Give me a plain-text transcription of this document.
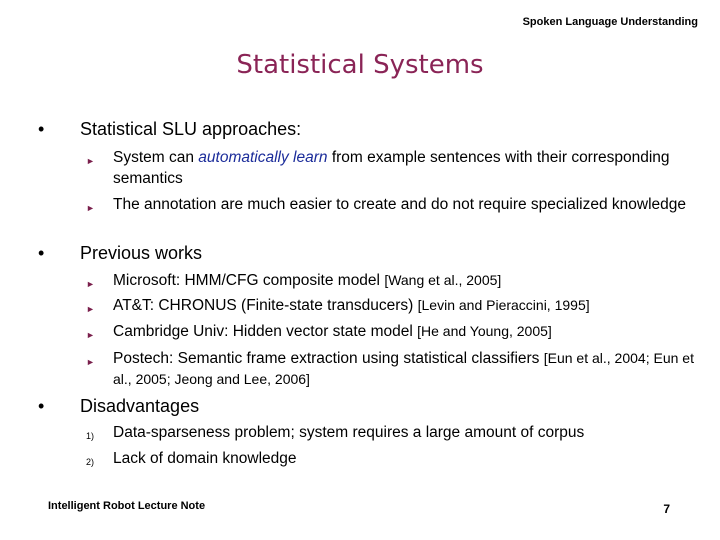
Spoken Language Understanding
Statistical Systems
• Statistical SLU approaches:
► System can automatically learn from example sentences with their corresponding semantics
► The annotation are much easier to create and do not require specialized knowledge
• Previous works
► Microsoft: HMM/CFG composite model [Wang et al., 2005]
► AT&T: CHRONUS (Finite-state transducers) [Levin and Pieraccini, 1995]
► Cambridge Univ: Hidden vector state model [He and Young, 2005]
► Postech: Semantic frame extraction using statistical classifiers [Eun et al., 2004; Eun et al., 2005; Jeong and Lee, 2006]
• Disadvantages
1) Data-sparseness problem; system requires a large amount of corpus
2) Lack of domain knowledge
Intelligent Robot Lecture Note	7
